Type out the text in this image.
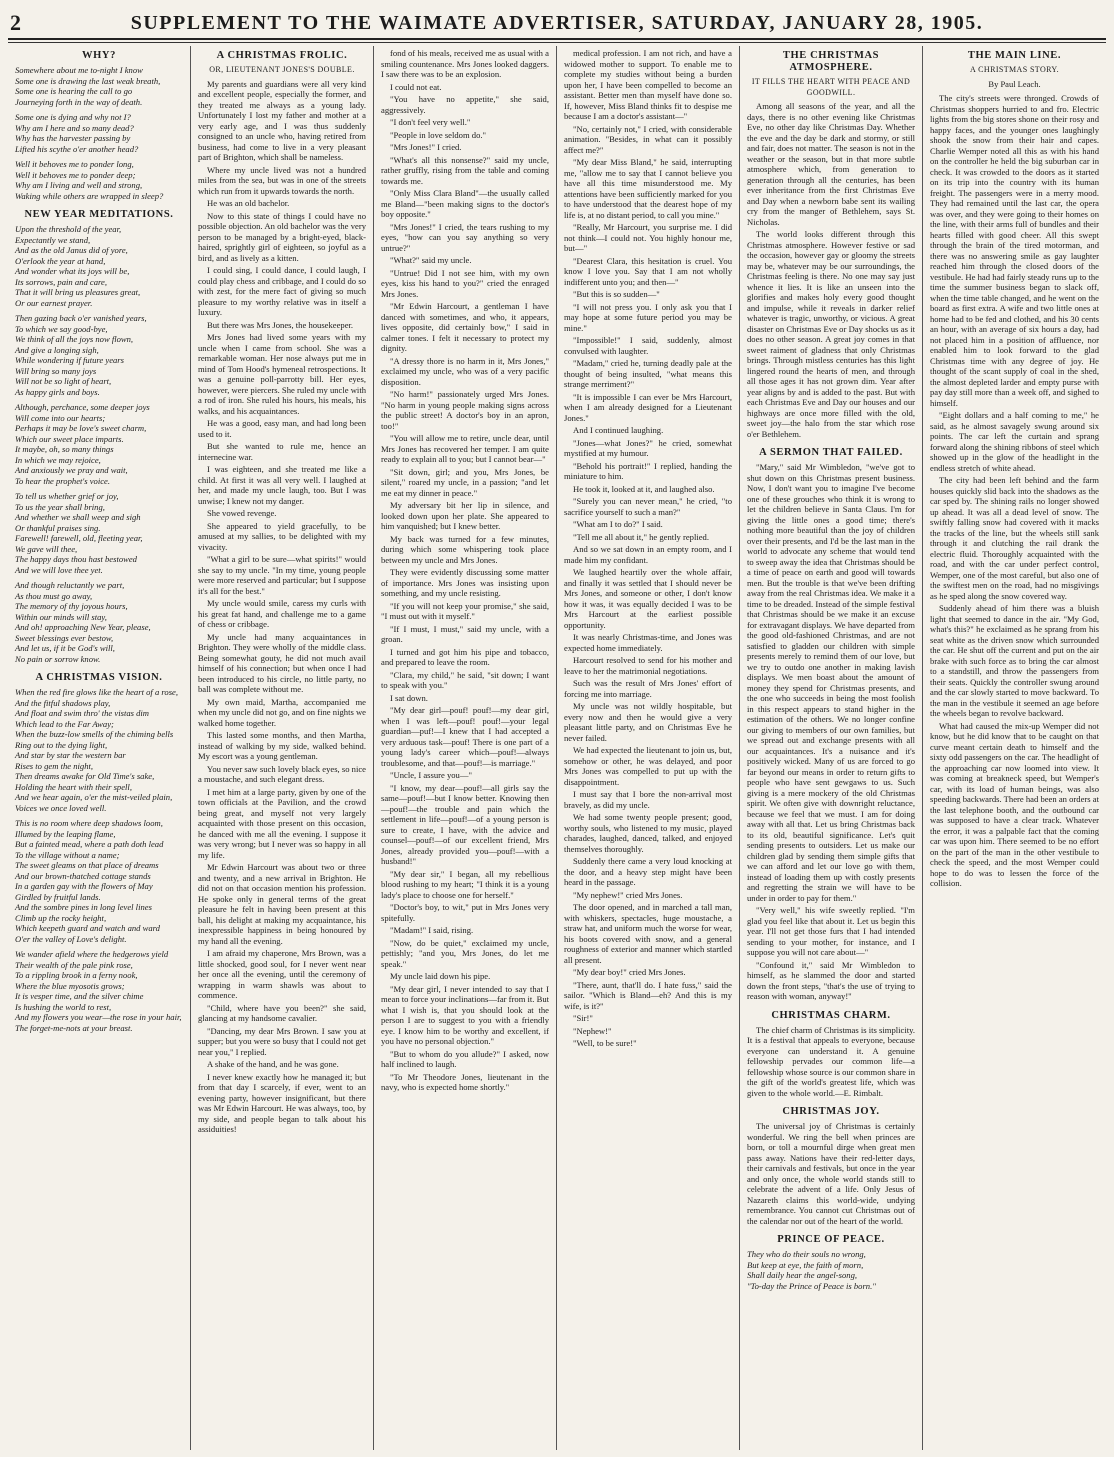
2	SUPPLEMENT TO THE WAIMATE ADVERTISER, SATURDAY, JANUARY 28, 1905.
WHY?

Somewhere about me to-night I know

Some one is drawing the last weak breath,

Some one is hearing the call to go

Journeying forth in the way of death.

Some one is dying and why not I?

Why am I here and so many dead?

Why has the harvester passing by

Lifted his scythe o'er another head?

Well it behoves me to ponder long,

Well it behoves me to ponder deep;

Why am I living and well and strong,

Waking while others are wrapped in sleep?

NEW YEAR MEDITATIONS.

Upon the threshold of the year,

Expectantly we stand,

And as the old Janus did of yore,

O'erlook the year at hand,

And wonder what its joys will be,

Its sorrows, pain and care,

That it will bring us pleasures great,

Or our earnest prayer.

Then gazing back o'er vanished years,

To which we say good-bye,

We think of all the joys now flown,

And give a longing sigh,

While wondering if future years

Will bring so many joys

Will not be so light of heart,

As happy girls and boys.

Although, perchance, some deeper joys

Will come into our hearts;

Perhaps it may be love's sweet charm,

Which our sweet place imparts.

It maybe, oh, so many things

In which we may rejoice,

And anxiously we pray and wait,

To hear the prophet's voice.

To tell us whether grief or joy,

To us the year shall bring,

And whether we shall weep and sigh

Or thankful praises sing.

Farewell! farewell, old, fleeting year,

We gave will thee,

The happy days thou hast bestowed

And we will love thee yet.

And though reluctantly we part,

As thou must go away,

The memory of thy joyous hours,

Within our minds will stay,

And oh! approaching New Year, please,

Sweet blessings ever bestow,

And let us, if it be God's will,

No pain or sorrow know.

A CHRISTMAS VISION.

When the red fire glows like the heart of a rose,

And the fitful shadows play,

And float and swim thro' the vistas dim

Which lead to the Far Away;

When the buzz-low smells of the chiming bells

Ring out to the dying light,

And star by star the western bar

Rises to gem the night,

Then dreams awake for Old Time's sake,

Holding the heart with their spell,

And we hear again, o'er the mist-veiled plain,

Voices we once loved well.

This is no room where deep shadows loom,

Illumed by the leaping flame,

But a fainted mead, where a path doth lead

To the village without a name;

The sweet gleams on that place of dreams

And our brown-thatched cottage stands

In a garden gay with the flowers of May

Girdled by fruitful lands.

And the sombre pines in long level lines

Climb up the rocky height,

Which keepeth guard and watch and ward

O'er the valley of Love's delight.

We wander afield where the hedgerows yield

Their wealth of the pale pink rose,

To a rippling brook in a ferny nook,

Where the blue myosotis grows;

It is vesper time, and the silver chime

Is hushing the world to rest,

And my flowers you wear—the rose in your hair,

The forget-me-nots at your breast.

A CHRISTMAS FROLIC.
OR, LIEUTENANT JONES'S DOUBLE.

My parents and guardians were all very kind and excellent people, especially the former, and they treated me always as a young lady. Unfortunately I lost my father and mother at a very early age, and I was thus suddenly consigned to an uncle who, having retired from business, had come to live in a very pleasant part of Brighton, which shall be nameless.

Where my uncle lived was not a hundred miles from the sea, but was in one of the streets which run from it upwards towards the north.

He was an old bachelor.

Now to this state of things I could have no possible objection. An old bachelor was the very person to be managed by a bright-eyed, black-haired, sprightly girl of eighteen, so joyful as a bird, and as lively as a kitten.

I could sing, I could dance, I could laugh, I could play chess and cribbage, and I could do so with zest, for the mere fact of giving so much pleasure to my worthy relative was in itself a luxury.

But there was Mrs Jones, the housekeeper.

Mrs Jones had lived some years with my uncle when I came from school. She was a remarkable woman. Her nose always put me in mind of Tom Hood's hymeneal retrospections. It was a genuine poll-parrotty bill. Her eyes, however, were piercers. She ruled my uncle with a rod of iron. She ruled his hours, his meals, his walks, and his acquaintances.

He was a good, easy man, and had long been used to it.

But she wanted to rule me, hence an internecine war.

I was eighteen, and she treated me like a child. At first it was all very well. I laughed at her, and made my uncle laugh, too. But I was unwise; I knew not my danger.

She vowed revenge.

She appeared to yield gracefully, to be amused at my sallies, to be delighted with my vivacity.

"What a girl to be sure—what spirits!" would she say to my uncle. "In my time, young people were more reserved and particular; but I suppose it's all for the best."

My uncle would smile, caress my curls with his great fat hand, and challenge me to a game of chess or cribbage.

My uncle had many acquaintances in Brighton. They were wholly of the middle class. Being somewhat gouty, he did not much avail himself of his connection; but when once I had been introduced to his circle, no little party, no ball was complete without me.

My own maid, Martha, accompanied me when my uncle did not go, and on fine nights we walked home together.

This lasted some months, and then Martha, instead of walking by my side, walked behind. My escort was a young gentleman.

You never saw such lovely black eyes, so nice a moustache, and such elegant dress.

I met him at a large party, given by one of the town officials at the Pavilion, and the crowd being great, and myself not very largely acquainted with those present on this occasion, he danced with me all the evening. I suppose it was very wrong; but I never was so happy in all my life.

Mr Edwin Harcourt was about two or three and twenty, and a new arrival in Brighton. He did not on that occasion mention his profession. He spoke only in general terms of the great pleasure he felt in having been present at this ball, his delight at making my acquaintance, his inexpressible happiness in being honoured by my hand all the evening.

I am afraid my chaperone, Mrs Brown, was a little shocked, good soul, for I never went near her once all the evening, until the ceremony of wrapping in warm shawls was about to commence.

"Child, where have you been?" she said, glancing at my handsome cavalier.

"Dancing, my dear Mrs Brown. I saw you at supper; but you were so busy that I could not get near you," I replied.

A shake of the hand, and he was gone.

I never knew exactly how he managed it; but from that day I scarcely, if ever, went to an evening party, however insignificant, but there was Mr Edwin Harcourt. He was always, too, by my side, and people began to talk about his assiduities!

fond of his meals, received me as usual with a smiling countenance. Mrs Jones looked daggers. I saw there was to be an explosion.

I could not eat.

"You have no appetite," she said, aggressively.

"I don't feel very well."

"People in love seldom do."

"Mrs Jones!" I cried.

"What's all this nonsense?" said my uncle, rather gruffly, rising from the table and coming towards me.

"Only Miss Clara Bland"—the usually called me Bland—"been making signs to the doctor's boy opposite."

"Mrs Jones!" I cried, the tears rushing to my eyes, "how can you say anything so very untrue?"

"What?" said my uncle.

"Untrue! Did I not see him, with my own eyes, kiss his hand to you?" cried the enraged Mrs Jones.

"Mr Edwin Harcourt, a gentleman I have danced with sometimes, and who, it appears, lives opposite, did certainly bow," I said in calmer tones. I felt it necessary to protect my dignity.

"A dressy thore is no harm in it, Mrs Jones," exclaimed my uncle, who was of a very pacific disposition.

"No harm!" passionately urged Mrs Jones. "No harm in young people making signs across the public street! A doctor's boy in an apron, too!"

"You will allow me to retire, uncle dear, until Mrs Jones has recovered her temper. I am quite ready to explain all to you; but I cannot bear—"

"Sit down, girl; and you, Mrs Jones, be silent," roared my uncle, in a passion; "and let me eat my dinner in peace."

My adversary bit her lip in silence, and looked down upon her plate. She appeared to him vanquished; but I knew better.

My back was turned for a few minutes, during which some whispering took place between my uncle and Mrs Jones.

They were evidently discussing some matter of importance. Mrs Jones was insisting upon something, and my uncle resisting.

"If you will not keep your promise," she said, "I must out with it myself."

"If I must, I must," said my uncle, with a groan.

I turned and got him his pipe and tobacco, and prepared to leave the room.

"Clara, my child," he said, "sit down; I want to speak with you."

I sat down.

"My dear girl—pouf! pouf!—my dear girl, when I was left—pouf! pouf!—your legal guardian—puf!—I knew that I had accepted a very arduous task—pouf! There is one part of a young lady's career which—pouf!—always troublesome, and that—pouf!—is marriage."

"Uncle, I assure you—"

"I know, my dear—pouf!—all girls say the same—pouf!—but I know better. Knowing then—pouf!—the trouble and pain which the settlement in life—pouf!—of a young person is sure to create, I have, with the advice and counsel—pouf!—of our excellent friend, Mrs Jones, already provided you—pouf!—with a husband!"

"My dear sir," I began, all my rebellious blood rushing to my heart; "I think it is a young lady's place to choose one for herself."

"Doctor's boy, to wit," put in Mrs Jones very spitefully.

"Madam!" I said, rising.

"Now, do be quiet," exclaimed my uncle, pettishly; "and you, Mrs Jones, do let me speak."

My uncle laid down his pipe.

"My dear girl, I never intended to say that I mean to force your inclinations—far from it. But what I wish is, that you should look at the person I are to suggest to you with a friendly eye. I know him to be worthy and excellent, if you have no personal objection."

"But to whom do you allude?" I asked, now half inclined to laugh.

"To Mr Theodore Jones, lieutenant in the navy, who is expected home shortly."

medical profession. I am not rich, and have a widowed mother to support. To enable me to complete my studies without being a burden upon her, I have been compelled to become an assistant. Better men than myself have done so. If, however, Miss Bland thinks fit to despise me because I am a doctor's assistant—"

"No, certainly not," I cried, with considerable animation. "Besides, in what can it possibly affect me?"

"My dear Miss Bland," he said, interrupting me, "allow me to say that I cannot believe you have all this time misunderstood me. My attentions have been sufficiently marked for you to have understood that the dearest hope of my life is, at no distant period, to call you mine."

"Really, Mr Harcourt, you surprise me. I did not think—I could not. You highly honour me, but—"

"Dearest Clara, this hesitation is cruel. You know I love you. Say that I am not wholly indifferent unto you; and then—"

"But this is so sudden—"

"I will not press you. I only ask you that I may hope at some future period you may be mine."

"Impossible!" I said, suddenly, almost convulsed with laughter.

"Madam," cried he, turning deadly pale at the thought of being insulted, "what means this strange merriment?"

"It is impossible I can ever be Mrs Harcourt, when I am already designed for a Lieutenant Jones."

And I continued laughing.

"Jones—what Jones?" he cried, somewhat mystified at my humour.

"Behold his portrait!" I replied, handing the miniature to him.

He took it, looked at it, and laughed also.

"Surely you can never mean," he cried, "to sacrifice yourself to such a man?"

"What am I to do?" I said.

"Tell me all about it," he gently replied.

And so we sat down in an empty room, and I made him my confidant.

We laughed heartily over the whole affair, and finally it was settled that I should never be Mrs Jones, and someone or other, I don't know how it was, it was equally decided I was to be Mrs Harcourt at the earliest possible opportunity.

It was nearly Christmas-time, and Jones was expected home immediately.

Harcourt resolved to send for his mother and leave to her the matrimonial negotiations.

Such was the result of Mrs Jones' effort of forcing me into marriage.

My uncle was not wildly hospitable, but every now and then he would give a very pleasant little party, and on Christmas Eve he never failed.

We had expected the lieutenant to join us, but, somehow or other, he was delayed, and poor Mrs Jones was compelled to put up with the disappointment.

I must say that I bore the non-arrival most bravely, as did my uncle.

We had some twenty people present; good, worthy souls, who listened to my music, played charades, laughed, danced, talked, and enjoyed themselves thoroughly.

Suddenly there came a very loud knocking at the door, and a heavy step might have been heard in the passage.

"My nephew!" cried Mrs Jones.

The door opened, and in marched a tall man, with whiskers, spectacles, huge moustache, a straw hat, and uniform much the worse for wear, his boots covered with snow, and a general roughness of exterior and manner which startled all present.

"My dear boy!" cried Mrs Jones.

"There, aunt, that'll do. I hate fuss," said the sailor. "Which is Bland—eh? And this is my wife, is it?"

"Sir!"

"Nephew!"

"Well, to be sure!"

THE CHRISTMAS ATMOSPHERE.
IT FILLS THE HEART WITH PEACE AND GOODWILL.

Among all seasons of the year, and all the days, there is no other evening like Christmas Eve, no other day like Christmas Day. Whether the eve and the day be dark and stormy, or still and fair, does not matter. The season is not in the weather or the season, but in that more subtle atmosphere which, from generation to generation through all the centuries, has been ever inheritance from the first Christmas Eve and Day when a newborn babe sent its wailing cry from the manger of Bethlehem, says St. Nicholas.

The world looks different through this Christmas atmosphere. However festive or sad the occasion, however gay or gloomy the streets may be, whatever may be our surroundings, the Christmas feeling is there. No one may say just whence it lies. It is like an unseen into the glorifies and makes holy every good thought and impulse, while it reveals in darker relief whatever is tragic, unworthy, or vicious. A great disaster on Christmas Eve or Day shocks us as it does no other season. A great joy comes in that sweet raiment of gladness that only Christmas brings. Through mistless centuries has this light lingered round the hearts of men, and through all those ages it has not grown dim. Year after year aligns by and is added to the past. But with each Christmas Eve and Day our houses and our highways are once more filled with the old, sweet joy—the halo from the star which rose o'er Bethlehem.

A SERMON THAT FAILED.

"Mary," said Mr Wimbledon, "we've got to shut down on this Christmas present business. Now, I don't want you to imagine I've become one of these grouches who think it is wrong to let the children believe in Santa Claus. I'm for giving the little ones a good time; there's nothing more beautiful than the joy of children over their presents, and I'd be the last man in the world to advocate any scheme that would tend to sweep away the idea that Christmas should be a time of peace on earth and good will towards men. But the trouble is that we've been drifting away from the real Christmas idea. We make it a time to be dreaded. Instead of the simple festival that Christmas should be we make it an excuse for extravagant displays. We have departed from the good old-fashioned Christmas, and are not satisfied to gladden our children with simple presents merely to remind them of our love, but we try to outdo one another in making lavish displays. We men boast about the amount of money they spend for Christmas presents, and the one who succeeds in being the most foolish in this respect appears to stand higher in the estimation of the others. We no longer confine our giving to members of our own families, but we spread out and exchange presents with all our acquaintances. It's a nuisance and it's positively wicked. Many of us are forced to go far beyond our means in order to return gifts to people who have sent gewgaws to us. Such giving is a mere mockery of the old Christmas spirit. We often give with downright reluctance, because we feel that we must. I am for doing away with all that. Let us bring Christmas back to its old, beautiful significance. Let's quit sending presents to outsiders. Let us make our children glad by sending them simple gifts that we can afford and let our love go with them, instead of loading them up with costly presents and regretting the strain we will have to be under in order to pay for them."

"Very well," his wife sweetly replied. "I'm glad you feel like that about it. Let us begin this year. I'll not get those furs that I had intended sending to your mother, for instance, and I suppose you will not care about—"

"Confound it," said Mr Wimbledon to himself, as he slammed the door and started down the front steps, "that's the use of trying to reason with woman, anyway!"

CHRISTMAS CHARM.

The chief charm of Christmas is its simplicity. It is a festival that appeals to everyone, because everyone can understand it. A genuine fellowship pervades our common life—a fellowship whose source is our common share in the gift of the world's greatest life, which was given to the whole world.—E. Rimbalt.

CHRISTMAS JOY.

The universal joy of Christmas is certainly wonderful. We ring the bell when princes are born, or toll a mournful dirge when great men pass away. Nations have their red-letter days, their carnivals and festivals, but once in the year and only once, the whole world stands still to celebrate the advent of a life. Only Jesus of Nazareth claims this world-wide, undying remembrance. You cannot cut Christmas out of the calendar nor out of the heart of the world.

PRINCE OF PEACE.

They who do their souls no wrong,

But keep at eye, the faith of morn,

Shall daily hear the angel-song,

"To-day the Prince of Peace is born."

THE MAIN LINE.
A CHRISTMAS STORY.
By Paul Leach.

The city's streets were thronged. Crowds of Christmas shoppers hurried to and fro. Electric lights from the big stores shone on their rosy and happy faces, and the younger ones laughingly shook the snow from their hair and capes. Charlie Wemper noted all this as with his hand on the controller he held the big suburban car in check. It was crowded to the doors as it started on its trip into the country with its human freight. The passengers were in a merry mood. They had remained until the last car, the opera was over, and they were going to their homes on the line, with their arms full of bundles and their hearts filled with good cheer. All this swept through the brain of the tired motorman, and there was no answering smile as gay laughter reached him through the closed doors of the vestibule. He had had fairly steady runs up to the time the summer business began to slack off, when the time table changed, and he went on the board as first extra. A wife and two little ones at home had to be fed and clothed, and his 30 cents an hour, with an average of six hours a day, had not placed him in a position of affluence, nor enabled him to look forward to the glad Christmas time with any degree of joy. He thought of the scant supply of coal in the shed, the almost depleted larder and empty purse with pay day still more than a week off, and sighed to himself.

"Eight dollars and a half coming to me," he said, as he almost savagely swung around six points. The car left the curtain and sprang forward along the shining ribbons of steel which showed up in the glow of the headlight in the endless stretch of white ahead.

The city had been left behind and the farm houses quickly slid back into the shadows as the car sped by. The shining rails no longer showed up ahead. It was all a dead level of snow. The swiftly falling snow had covered with it macks the tracks of the line, but the wheels still sank through it and clutching the rail drank the electric fluid. Thoroughly acquainted with the road, and with the car under perfect control, Wemper, one of the most careful, but also one of the swiftest men on the road, had no misgivings as he sped along the snow covered way.

Suddenly ahead of him there was a bluish light that seemed to dance in the air. "My God, what's this?" he exclaimed as he sprang from his seat white as the driven snow which surrounded the car. He shut off the current and put on the air brake with such force as to bring the car almost to a standstill, and throw the passengers from their seats. Quickly the controller swung around and the car slowly started to move backward. To the man in the vestibule it seemed an age before the wheels began to revolve backward.

What had caused the mix-up Wemper did not know, but he did know that to be caught on that curve meant certain death to himself and the sixty odd passengers on the car. The headlight of the approaching car now loomed into view. It was coming at breakneck speed, but Wemper's car, with its load of human beings, was also speeding backwards. There had been an orders at the last telephone booth, and the outbound car was supposed to have a clear track. Whatever the error, it was a palpable fact that the coming car was upon him. There seemed to be no effort on the part of the man in the other vestibule to check the speed, and the most Wemper could hope to do was to lessen the force of the collision.
